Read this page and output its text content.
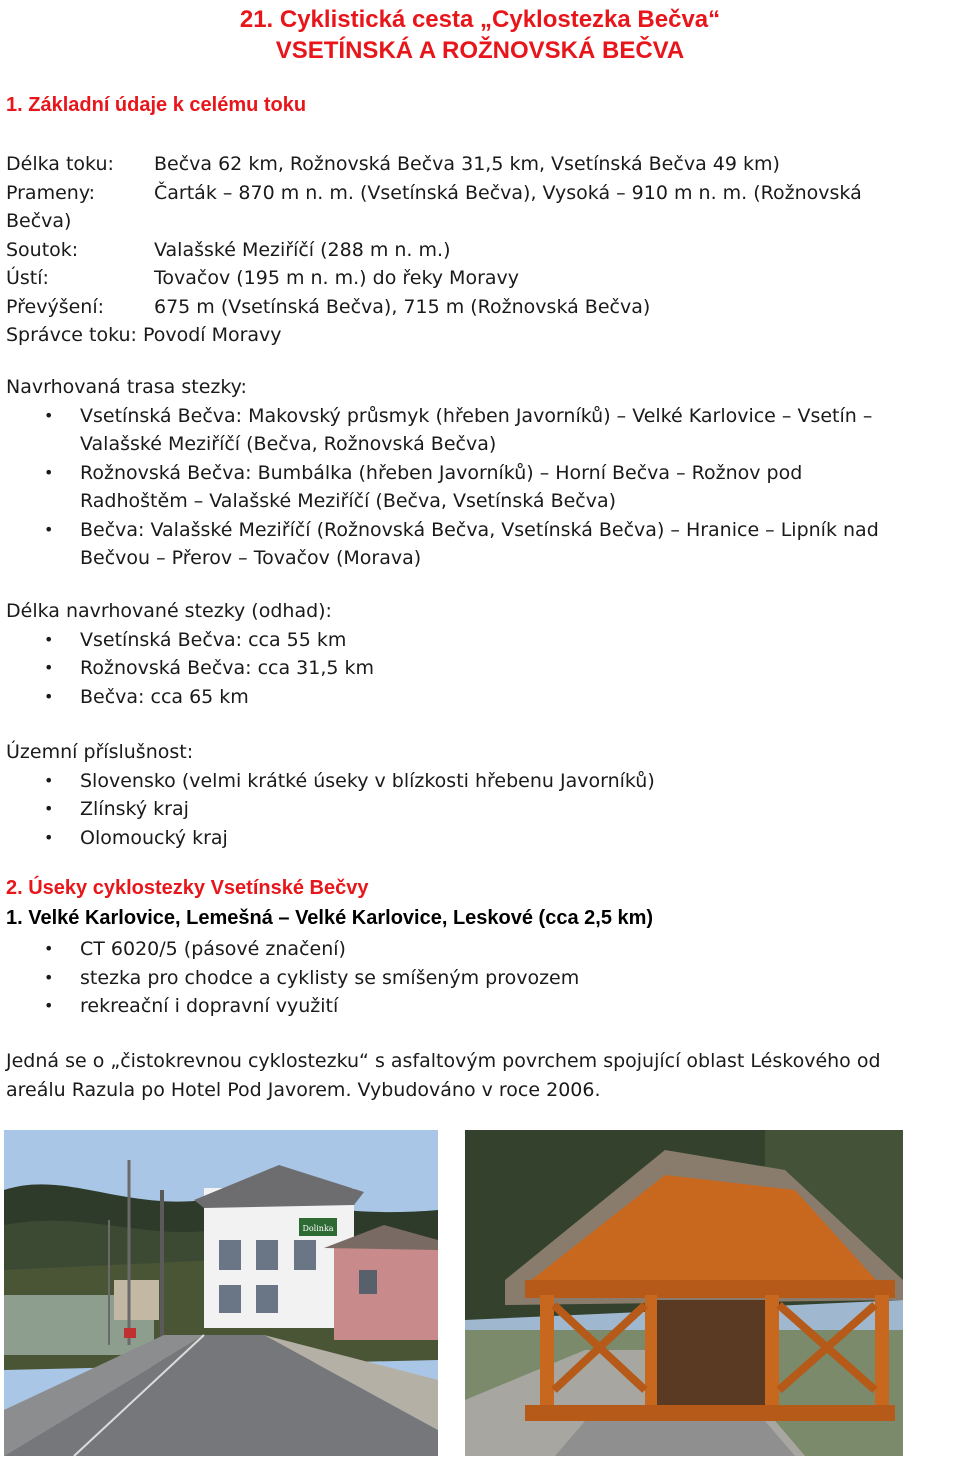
21. Cyklistická cesta „Cyklostezka Bečva“
VSETÍNSKÁ A ROŽNOVSKÁ BEČVA
1. Základní údaje k celému toku
Délka toku:	Bečva 62 km, Rožnovská Bečva 31,5 km, Vsetínská Bečva 49 km)
Prameny:	Čarták – 870 m n. m. (Vsetínská Bečva), Vysoká – 910 m n. m. (Rožnovská
Bečva)
Soutok:	Valašské Meziříčí (288 m n. m.)
Ústí:	Tovačov (195 m n. m.) do řeky Moravy
Převýšení:	675 m (Vsetínská Bečva), 715 m (Rožnovská Bečva)
Správce toku: Povodí Moravy
Navrhovaná trasa stezky:
• Vsetínská Bečva: Makovský průsmyk (hřeben Javorníků) – Velké Karlovice – Vsetín –
Valašské Meziříčí (Bečva, Rožnovská Bečva)
• Rožnovská Bečva: Bumbálka (hřeben Javorníků) – Horní Bečva – Rožnov pod
Radhoštěm – Valašské Meziříčí (Bečva, Vsetínská Bečva)
• Bečva: Valašské Meziříčí (Rožnovská Bečva, Vsetínská Bečva) – Hranice – Lipník nad
Bečvou – Přerov – Tovačov (Morava)
Délka navrhované stezky (odhad):
• Vsetínská Bečva: cca 55 km
• Rožnovská Bečva: cca 31,5 km
• Bečva: cca 65 km
Územní příslušnost:
• Slovensko (velmi krátké úseky v blízkosti hřebenu Javorníků)
• Zlínský kraj
• Olomoucký kraj
2. Úseky cyklostezky Vsetínské Bečvy
1. Velké Karlovice, Lemešná – Velké Karlovice, Leskové (cca 2,5 km)
• CT 6020/5 (pásové značení)
• stezka pro chodce a cyklisty se smíšeným provozem
• rekreační i dopravní využití
Jedná se o „čistokrevnou cyklostezku“ s asfaltovým povrchem spojující oblast Léskového od
areálu Razula po Hotel Pod Javorem. Vybudováno v roce 2006.
Dolinka
